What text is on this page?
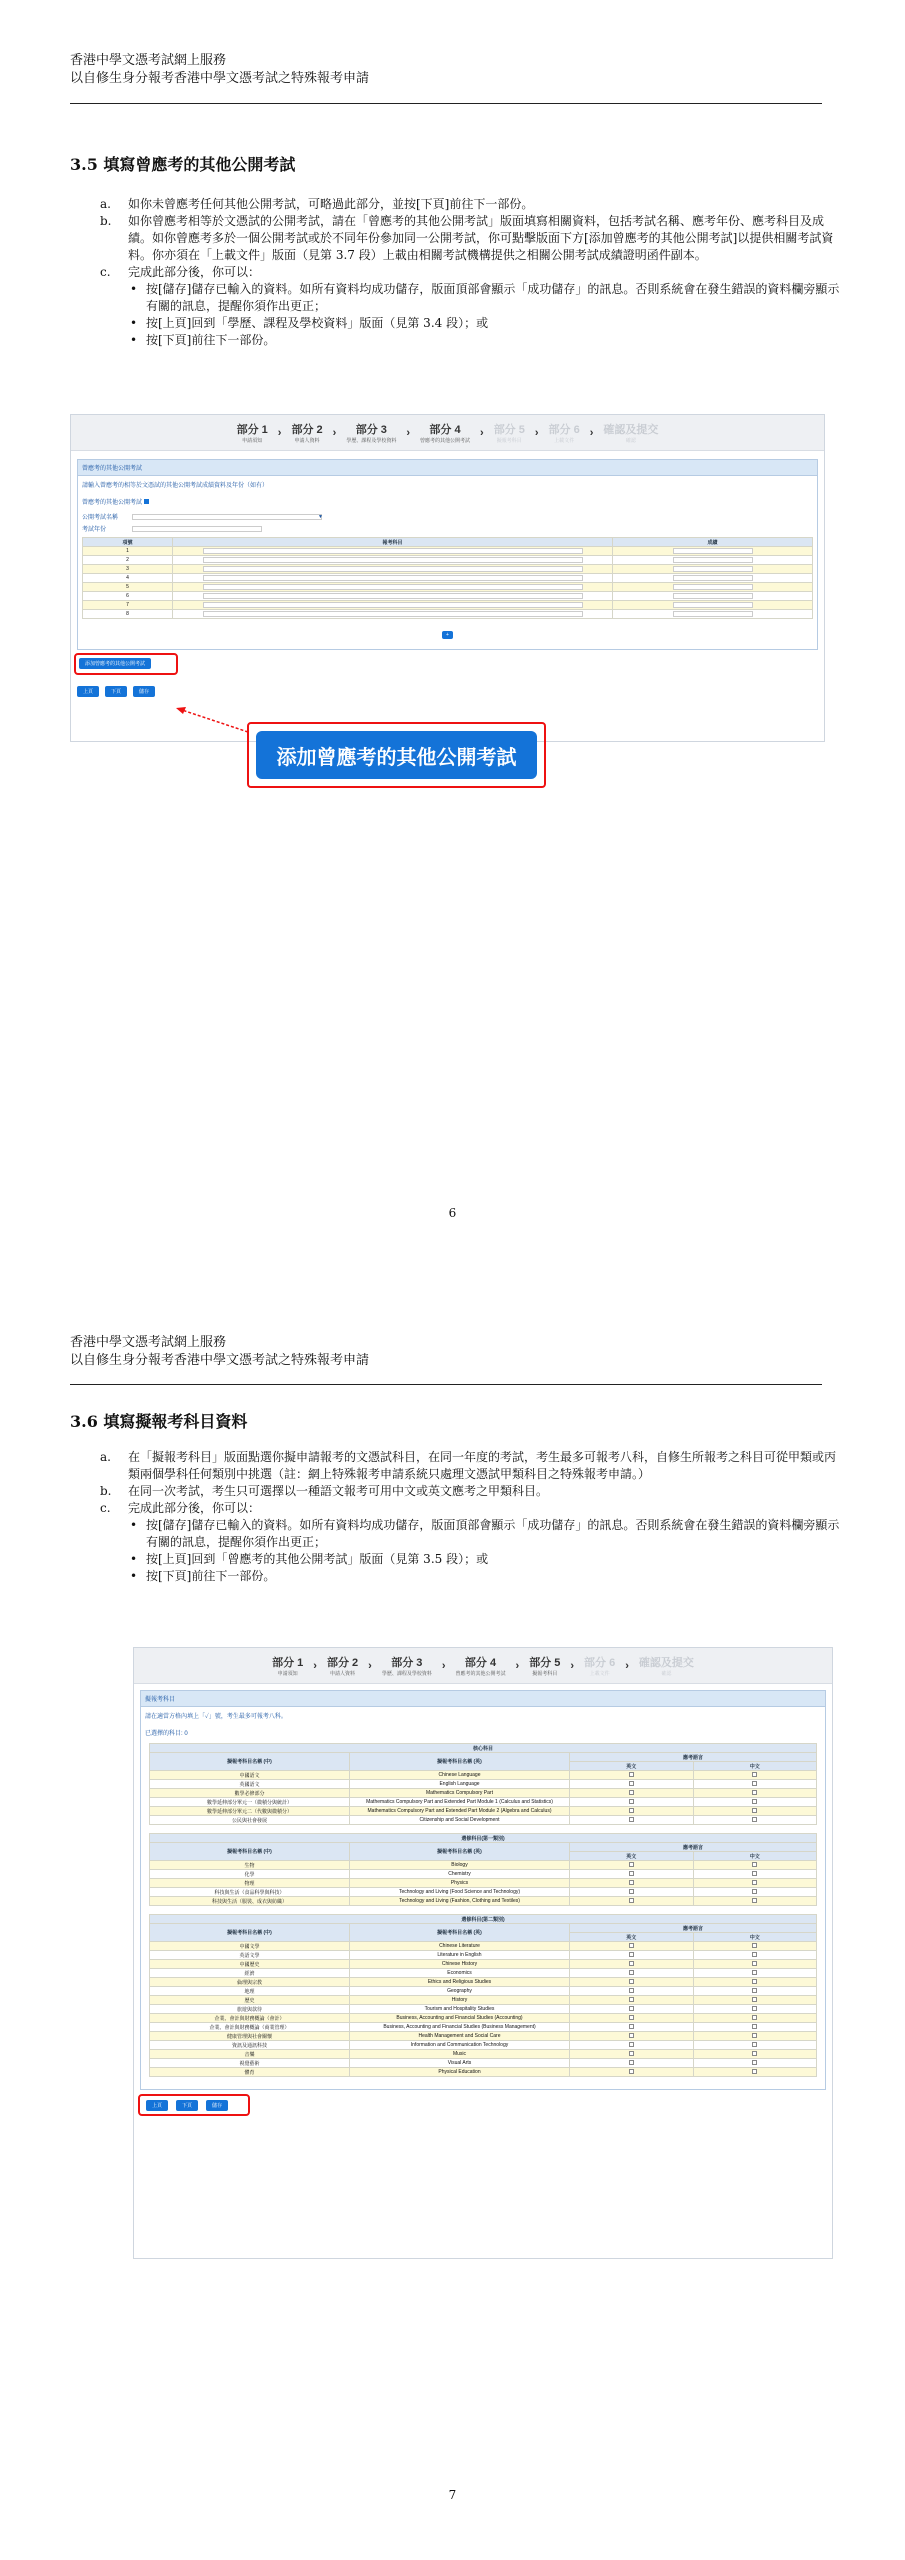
香港中學文憑考試網上服務
以自修生身分報考香港中學文憑考試之特殊報考申請
3.5 填寫曾應考的其他公開考試
a.	如你未曾應考任何其他公開考試，可略過此部分，並按[下頁]前往下一部份。
b.	如你曾應考相等於文憑試的公開考試，請在「曾應考的其他公開考試」版面填寫相關資料，包括考試名稱、應考年份、應考科目及成績。如你曾應考多於一個公開考試或於不同年份參加同一公開考試，你可點擊版面下方[添加曾應考的其他公開考試]以提供相關考試資料。你亦須在「上載文件」版面（見第 3.7 段）上載由相關考試機構提供之相關公開考試成績證明函件副本。
c.	完成此部分後，你可以：
• 按[儲存]儲存已輸入的資料。如所有資料均成功儲存，版面頂部會顯示「成功儲存」的訊息。否則系統會在發生錯誤的資料欄旁顯示有關的訊息，提醒你須作出更正；
• 按[上頁]回到「學歷、課程及學校資料」版面（見第 3.4 段）；或
• 按[下頁]前往下一部份。
部分 1
申請須知
› 部分 2
申請人資料
›	部分 3
學歷、課程及學校資料
›	部分 4
曾應考的其他公開考試
› 部分 5
擬報考科目
› 部分 6
上載文件
› 確認及提交
確認
曾應考的其他公開考試
請輸入曾應考的相等於文憑試的其他公開考試成績資料及年份（如有）
曾應考的其他公開考試
公開考試名稱	▼
考試年份
項號	報考科目	成績
1	

2	

3	

4	

5	

6	

7	

8	

+
添加曾應考的其他公開考試
上頁	下頁	儲存
添加曾應考的其他公開考試
6
香港中學文憑考試網上服務
以自修生身分報考香港中學文憑考試之特殊報考申請
3.6 填寫擬報考科目資料
a.	在「擬報考科目」版面點選你擬申請報考的文憑試科目，在同一年度的考試，考生最多可報考八科，自修生所報考之科目可從甲類或丙類兩個學科任何類別中挑選（註：網上特殊報考申請系統只處理文憑試甲類科目之特殊報考申請。）
b.	在同一次考試，考生只可選擇以一種語文報考可用中文或英文應考之甲類科目。
c.	完成此部分後，你可以：
• 按[儲存]儲存已輸入的資料。如所有資料均成功儲存，版面頂部會顯示「成功儲存」的訊息。否則系統會在發生錯誤的資料欄旁顯示有關的訊息，提醒你須作出更正；
• 按[上頁]回到「曾應考的其他公開考試」版面（見第 3.5 段）；或
• 按[下頁]前往下一部份。
部分 1
申請須知
› 部分 2
申請人資料
›	部分 3
學歷、課程及學校資料
›	部分 4
曾應考的其他公開考試
› 部分 5
擬報考科目
› 部分 6
上載文件
› 確認及提交
確認
擬報考科目
請在適當方格內填上「✓」號，考生最多可報考八科。
已選擇的科目: 0
核心科目			
擬報考科目名稱 (中)	擬報考科目名稱 (英)	應考語言	
		英文	中文
中國語文	Chinese Language		
英國語文	English Language		
數學必修部分	Mathematics Compulsory Part		
數學延伸部分單元一（微積分與統計）	Mathematics Compulsory Part and Extended Part Module 1 (Calculus and Statistics)		
數學延伸部分單元二（代數與微積分）	Mathematics Compulsory Part and Extended Part Module 2 (Algebra and Calculus)		
公民與社會發展	Citizenship and Social Development		
選修科目(第一類別)			
擬報考科目名稱 (中)	擬報考科目名稱 (英)	應考語言	
		英文	中文
生物	Biology		
化學	Chemistry		
物理	Physics		
科技與生活（食品科學與科技）	Technology and Living (Food Science and Technology)		
科技與生活（服裝、成衣與紡織）	Technology and Living (Fashion, Clothing and Textiles)		
選修科目(第二類別)			
擬報考科目名稱 (中)	擬報考科目名稱 (英)	應考語言	
		英文	中文
中國文學	Chinese Literature		
英語文學	Literature in English		
中國歷史	Chinese History		
經濟	Economics		
倫理與宗教	Ethics and Religious Studies		
地理	Geography		
歷史	History		
旅遊與款待	Tourism and Hospitality Studies		
企業、會計與財務概論（會計）	Business, Accounting and Financial Studies (Accounting)		
企業、會計與財務概論（商業管理）	Business, Accounting and Financial Studies (Business Management)		
健康管理與社會關懷	Health Management and Social Care		
資訊及通訊科技	Information and Communication Technology		
音樂	Music		
視覺藝術	Visual Arts		
體育	Physical Education		
上頁	下頁	儲存
7
